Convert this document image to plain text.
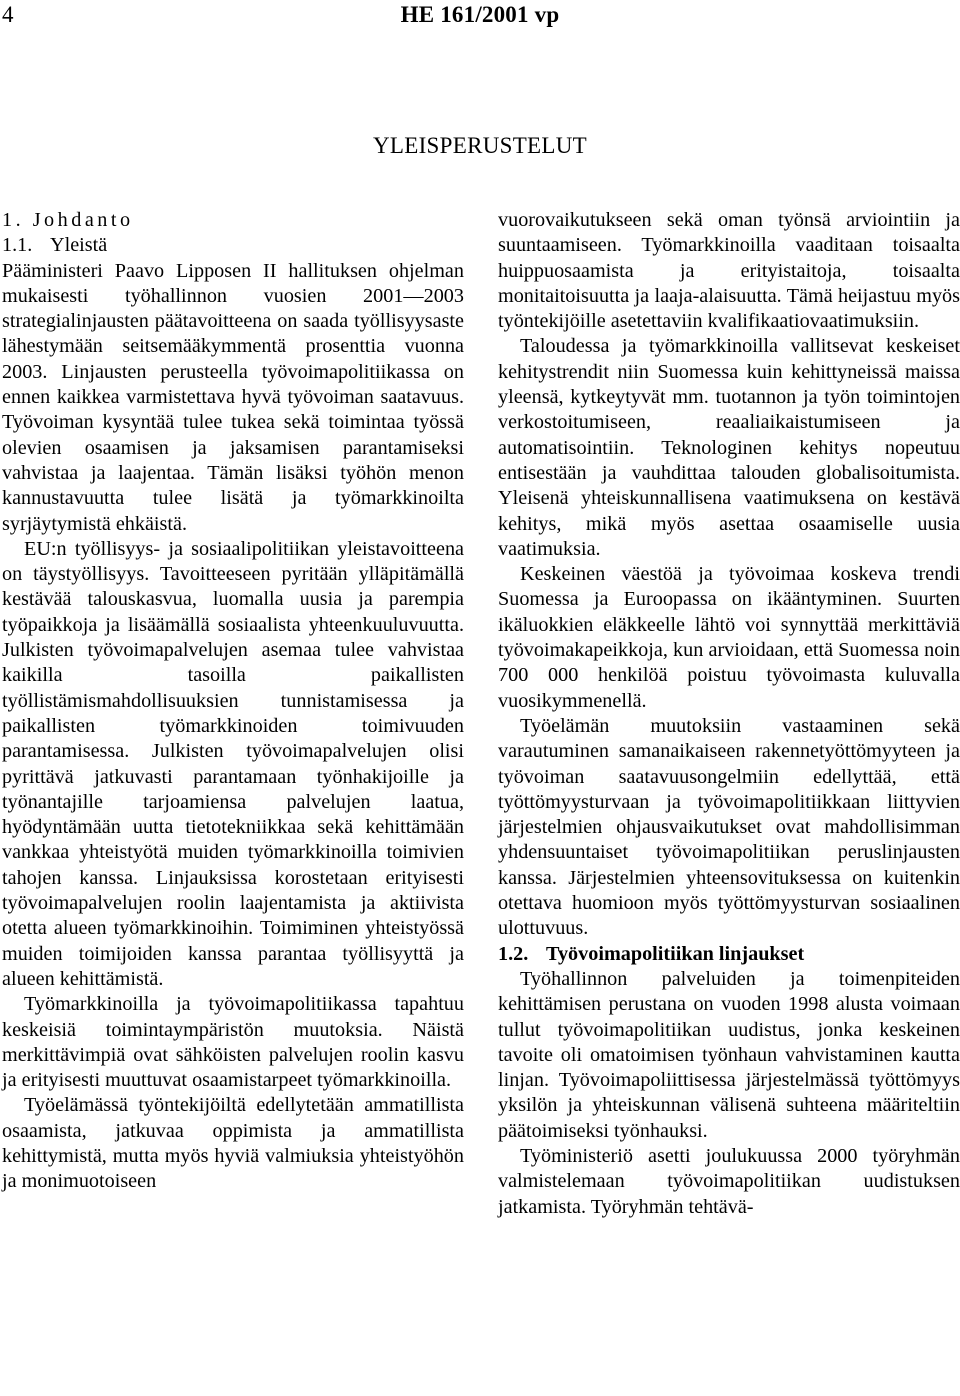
4	HE 161/2001 vp
YLEISPERUSTELUT

1. Johdanto

1.1. Yleistä

Pääministeri Paavo Lipposen II hallituksen ohjelman mukaisesti työhallinnon vuosien 2001—2003 strategialinjausten päätavoitteena on saada työllisyysaste lähestymään seitsemääkymmentä prosenttia vuonna 2003. Linjausten perusteella työvoimapolitiikassa on ennen kaikkea varmistettava hyvä työvoiman saatavuus. Työvoiman kysyntää tulee tukea sekä toimintaa työssä olevien osaamisen ja jaksamisen parantamiseksi vahvistaa ja laajentaa. Tämän lisäksi työhön menon kannustavuutta tulee lisätä ja työmarkkinoilta syrjäytymistä ehkäistä.

EU:n työllisyys- ja sosiaalipolitiikan yleistavoitteena on täystyöllisyys. Tavoitteeseen pyritään ylläpitämällä kestävää talouskasvua, luomalla uusia ja parempia työpaikkoja ja lisäämällä sosiaalista yhteenkuuluvuutta. Julkisten työvoimapalvelujen asemaa tulee vahvistaa kaikilla tasoilla paikallisten työllistämismahdollisuuksien tunnistamisessa ja paikallisten työmarkkinoiden toimivuuden parantamisessa. Julkisten työvoimapalvelujen olisi pyrittävä jatkuvasti parantamaan työnhakijoille ja työnantajille tarjoamiensa palvelujen laatua, hyödyntämään uutta tietotekniikkaa sekä kehittämään vankkaa yhteistyötä muiden työmarkkinoilla toimivien tahojen kanssa. Linjauksissa korostetaan erityisesti työvoimapalvelujen roolin laajentamista ja aktiivista otetta alueen työmarkkinoihin. Toimiminen yhteistyössä muiden toimijoiden kanssa parantaa työllisyyttä ja alueen kehittämistä.

Työmarkkinoilla ja työvoimapolitiikassa tapahtuu keskeisiä toimintaympäristön muutoksia. Näistä merkittävimpiä ovat sähköisten palvelujen roolin kasvu ja erityisesti muuttuvat osaamistarpeet työmarkkinoilla.

Työelämässä työntekijöiltä edellytetään ammatillista osaamista, jatkuvaa oppimista ja ammatillista kehittymistä, mutta myös hyviä valmiuksia yhteistyöhön ja monimuotoiseen

vuorovaikutukseen sekä oman työnsä arviointiin ja suuntaamiseen. Työmarkkinoilla vaaditaan toisaalta huippuosaamista ja erityistaitoja, toisaalta monitaitoisuutta ja laaja-alaisuutta. Tämä heijastuu myös työntekijöille asetettaviin kvalifikaatiovaatimuksiin.

Taloudessa ja työmarkkinoilla vallitsevat keskeiset kehitystrendit niin Suomessa kuin kehittyneissä maissa yleensä, kytkeytyvät mm. tuotannon ja työn toimintojen verkostoitumiseen, reaaliaikaistumiseen ja automatisointiin. Teknologinen kehitys nopeutuu entisestään ja vauhdittaa talouden globalisoitumista. Yleisenä yhteiskunnallisena vaatimuksena on kestävä kehitys, mikä myös asettaa osaamiselle uusia vaatimuksia.

Keskeinen väestöä ja työvoimaa koskeva trendi Suomessa ja Euroopassa on ikääntyminen. Suurten ikäluokkien eläkkeelle lähtö voi synnyttää merkittäviä työvoimakapeikkoja, kun arvioidaan, että Suomessa noin 700 000 henkilöä poistuu työvoimasta kuluvalla vuosikymmenellä.

Työelämän muutoksiin vastaaminen sekä varautuminen samanaikaiseen rakennetyöttömyyteen ja työvoiman saatavuusongelmiin edellyttää, että työttömyysturvaan ja työvoimapolitiikkaan liittyvien järjestelmien ohjausvaikutukset ovat mahdollisimman yhdensuuntaiset työvoimapolitiikan peruslinjausten kanssa. Järjestelmien yhteensovituksessa on kuitenkin otettava huomioon myös työttömyysturvan sosiaalinen ulottuvuus.

1.2. Työvoimapolitiikan linjaukset

Työhallinnon palveluiden ja toimenpiteiden kehittämisen perustana on vuoden 1998 alusta voimaan tullut työvoimapolitiikan uudistus, jonka keskeinen tavoite oli omatoimisen työnhaun vahvistaminen kautta linjan. Työvoimapoliittisessa järjestelmässä työttömyys yksilön ja yhteiskunnan välisenä suhteena määriteltiin päätoimiseksi työnhauksi.

Työministeriö asetti joulukuussa 2000 työryhmän valmistelemaan työvoimapolitiikan uudistuksen jatkamista. Työryhmän tehtävä-
